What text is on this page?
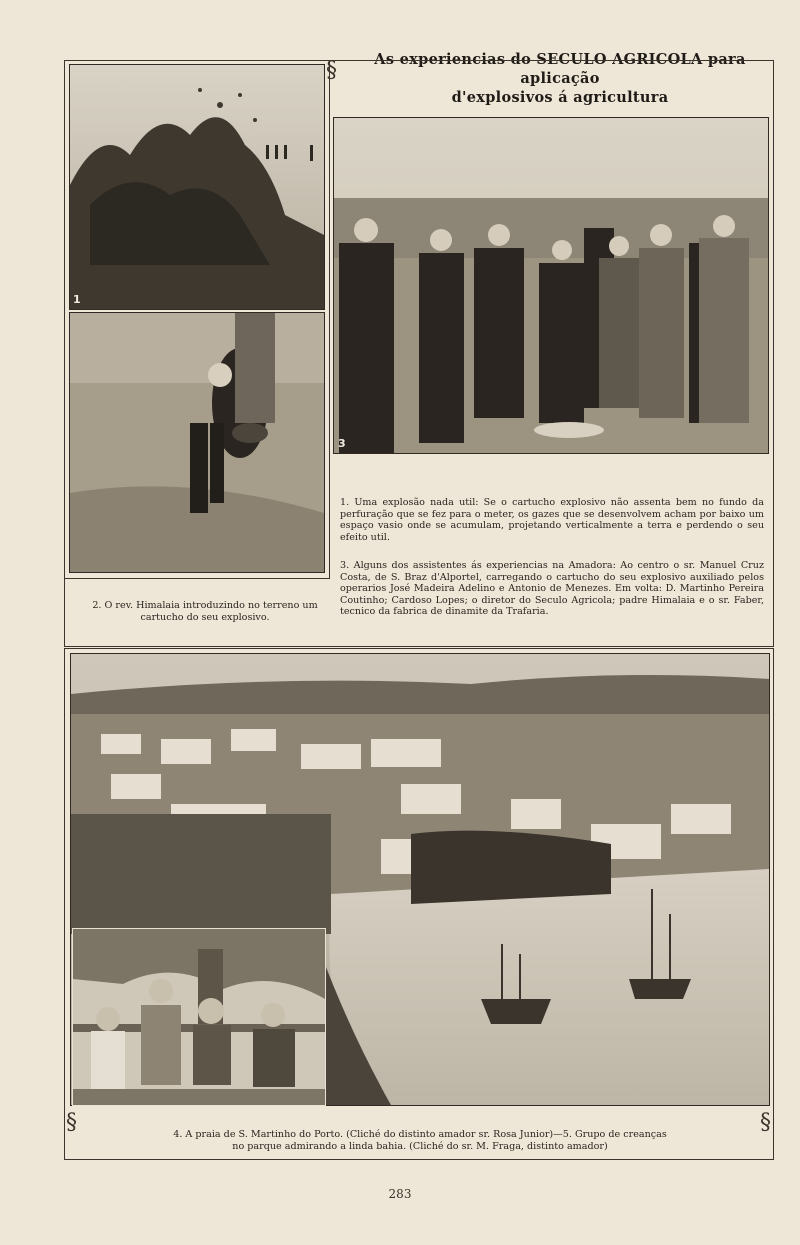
As experiencias do SECULO AGRICOLA para aplicação
d'explosivos á agricultura
§
§	§
1
3

1. Uma explosão nada util: Se o cartucho explosivo não assenta bem no fundo da perfuração que se fez para o meter, os gazes que se desenvolvem acham por baixo um espaço vasio onde se acumulam, projetando verticalmente a terra e perdendo o seu efeito util.

3. Alguns dos assistentes ás experiencias na Amadora: Ao centro o sr. Manuel Cruz Costa, de S. Braz d'Alportel, carregando o cartucho do seu explosivo auxiliado pelos operarios José Madeira Adelino e Antonio de Menezes. Em volta: D. Martinho Pereira Coutinho; Cardoso Lopes; o diretor do Seculo Agricola; padre Himalaia e o sr. Faber, tecnico da fabrica de dinamite da Trafaria.

2. O rev. Himalaia introduzindo no terreno um cartucho do seu explosivo.

4. A praia de S. Martinho do Porto. (Cliché do distinto amador sr. Rosa Junior)—5. Grupo de creanças
no parque admirando a linda bahia. (Cliché do sr. M. Fraga, distinto amador)
283
